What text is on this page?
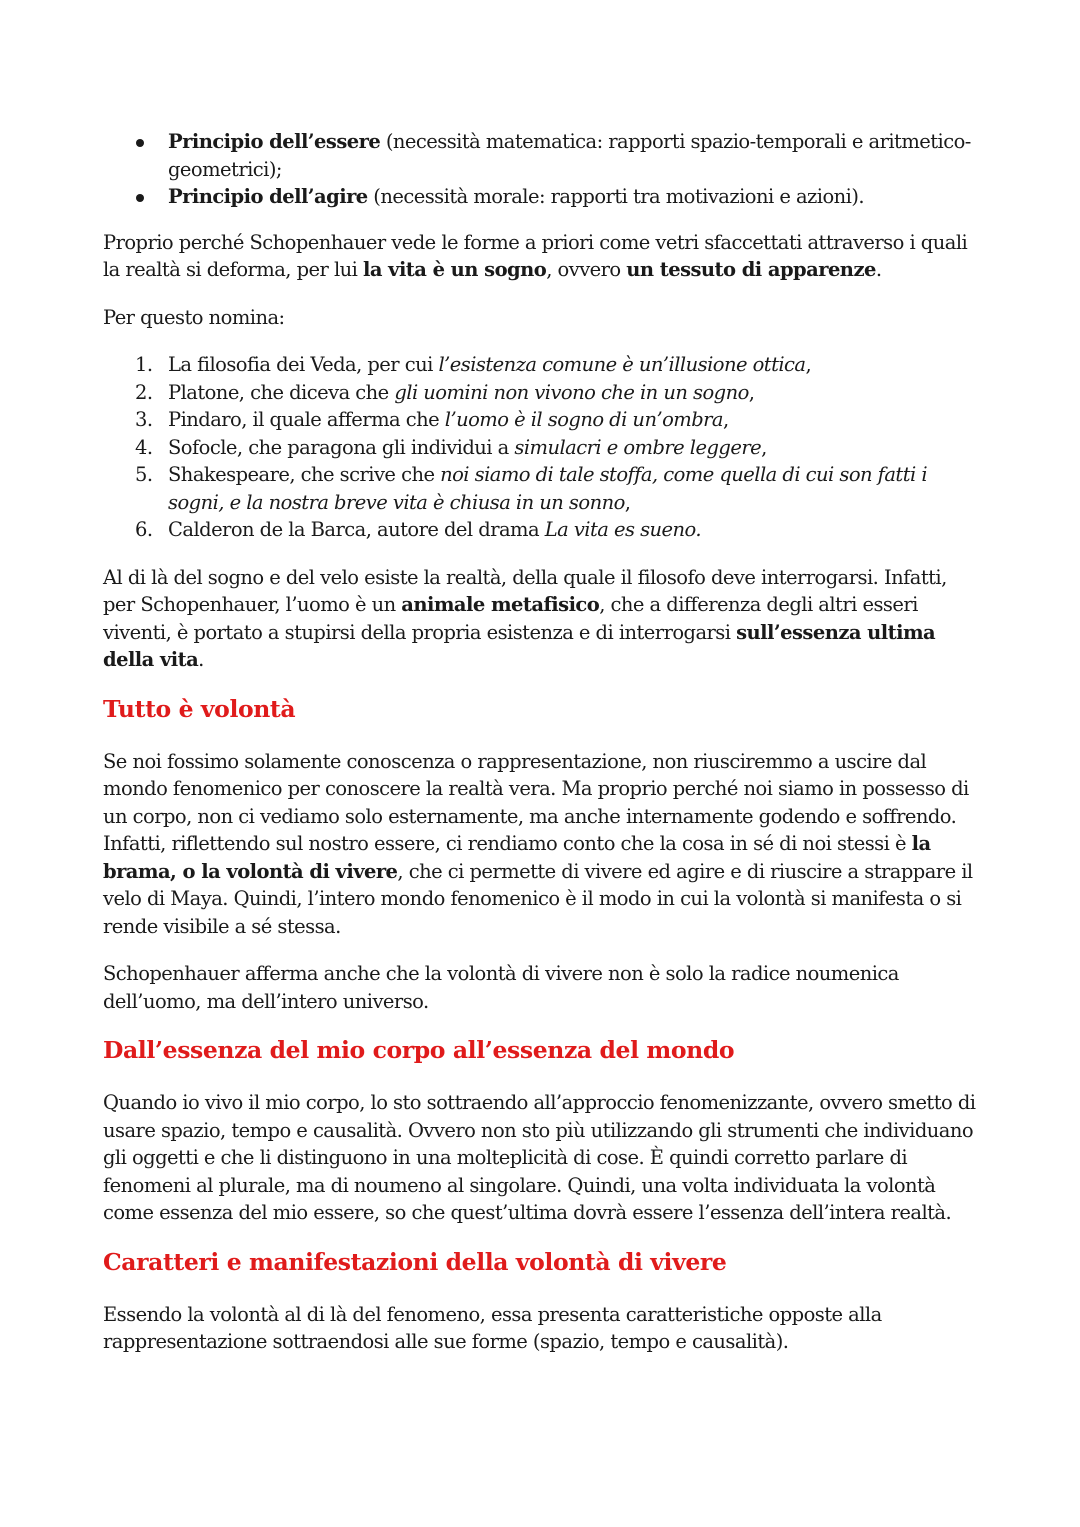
Principio dell’essere (necessità matematica: rapporti spazio-temporali e aritmetico-geometrici);
Principio dell’agire (necessità morale: rapporti tra motivazioni e azioni).

Proprio perché Schopenhauer vede le forme a priori come vetri sfaccettati attraverso i quali la realtà si deforma, per lui la vita è un sogno, ovvero un tessuto di apparenze.

Per questo nomina:

1. La filosofia dei Veda, per cui l’esistenza comune è un’illusione ottica,
2. Platone, che diceva che gli uomini non vivono che in un sogno,
3. Pindaro, il quale afferma che l’uomo è il sogno di un’ombra,
4. Sofocle, che paragona gli individui a simulacri e ombre leggere,
5. Shakespeare, che scrive che noi siamo di tale stoffa, come quella di cui son fatti i sogni, e la nostra breve vita è chiusa in un sonno,
6. Calderon de la Barca, autore del drama La vita es sueno.

Al di là del sogno e del velo esiste la realtà, della quale il filosofo deve interrogarsi. Infatti, per Schopenhauer, l’uomo è un animale metafisico, che a differenza degli altri esseri viventi, è portato a stupirsi della propria esistenza e di interrogarsi sull’essenza ultima della vita.

Tutto è volontà

Se noi fossimo solamente conoscenza o rappresentazione, non riusciremmo a uscire dal mondo fenomenico per conoscere la realtà vera. Ma proprio perché noi siamo in possesso di un corpo, non ci vediamo solo esternamente, ma anche internamente godendo e soffrendo. Infatti, riflettendo sul nostro essere, ci rendiamo conto che la cosa in sé di noi stessi è la brama, o la volontà di vivere, che ci permette di vivere ed agire e di riuscire a strappare il velo di Maya. Quindi, l’intero mondo fenomenico è il modo in cui la volontà si manifesta o si rende visibile a sé stessa.

Schopenhauer afferma anche che la volontà di vivere non è solo la radice noumenica dell’uomo, ma dell’intero universo.

Dall’essenza del mio corpo all’essenza del mondo

Quando io vivo il mio corpo, lo sto sottraendo all’approccio fenomenizzante, ovvero smetto di usare spazio, tempo e causalità. Ovvero non sto più utilizzando gli strumenti che individuano gli oggetti e che li distinguono in una molteplicità di cose. È quindi corretto parlare di fenomeni al plurale, ma di noumeno al singolare. Quindi, una volta individuata la volontà come essenza del mio essere, so che quest’ultima dovrà essere l’essenza dell’intera realtà.

Caratteri e manifestazioni della volontà di vivere

Essendo la volontà al di là del fenomeno, essa presenta caratteristiche opposte alla rappresentazione sottraendosi alle sue forme (spazio, tempo e causalità).
